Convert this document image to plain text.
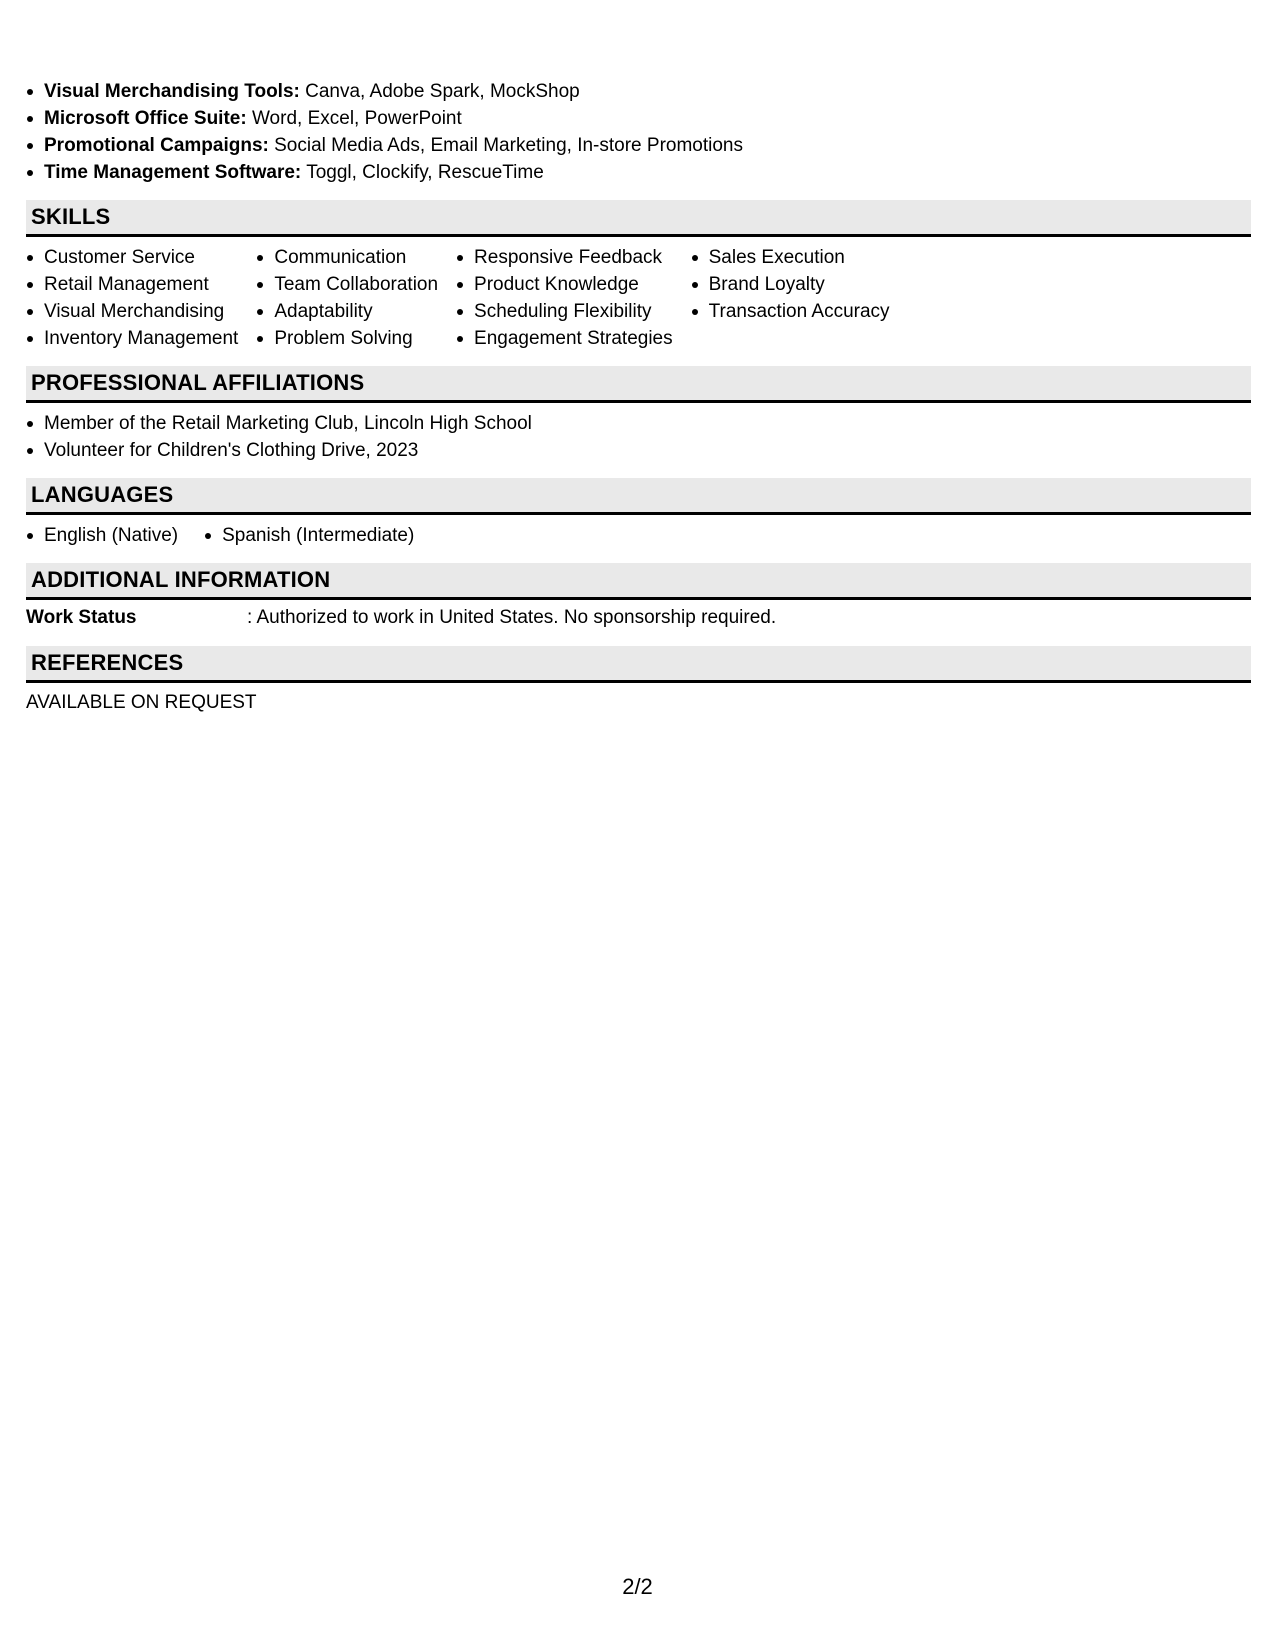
Visual Merchandising Tools: Canva, Adobe Spark, MockShop
Microsoft Office Suite: Word, Excel, PowerPoint
Promotional Campaigns: Social Media Ads, Email Marketing, In-store Promotions
Time Management Software: Toggl, Clockify, RescueTime
SKILLS
Customer Service
Retail Management
Visual Merchandising
Inventory Management
Communication
Team Collaboration
Adaptability
Problem Solving
Responsive Feedback
Product Knowledge
Scheduling Flexibility
Engagement Strategies
Sales Execution
Brand Loyalty
Transaction Accuracy
PROFESSIONAL AFFILIATIONS
Member of the Retail Marketing Club, Lincoln High School
Volunteer for Children's Clothing Drive, 2023
LANGUAGES
English (Native)	Spanish (Intermediate)
ADDITIONAL INFORMATION
Work Status	: Authorized to work in United States. No sponsorship required.
REFERENCES
AVAILABLE ON REQUEST
2/2
